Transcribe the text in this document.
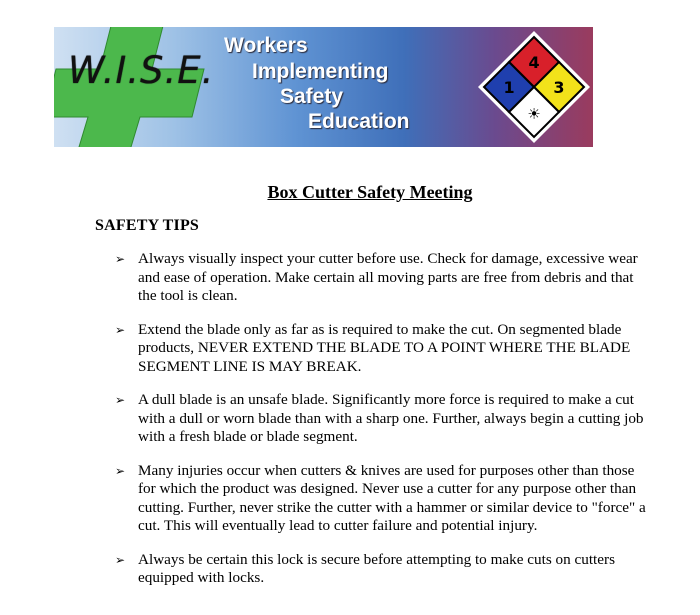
4
1 3
☀
W.I.S.E.
Workers
Implementing
Safety
Education
Box Cutter Safety Meeting
SAFETY TIPS
➢ Always visually inspect your cutter before use. Check for damage, excessive wear and ease of operation. Make certain all moving parts are free from debris and that the tool is clean.
➢ Extend the blade only as far as is required to make the cut. On segmented blade products, NEVER EXTEND THE BLADE TO A POINT WHERE THE BLADE SEGMENT LINE IS MAY BREAK.
➢ A dull blade is an unsafe blade. Significantly more force is required to make a cut with a dull or worn blade than with a sharp one. Further, always begin a cutting job with a fresh blade or blade segment.
➢ Many injuries occur when cutters & knives are used for purposes other than those for which the product was designed. Never use a cutter for any purpose other than cutting. Further, never strike the cutter with a hammer or similar device to "force" a cut. This will eventually lead to cutter failure and potential injury.
➢ Always be certain this lock is secure before attempting to make cuts on cutters equipped with locks.
